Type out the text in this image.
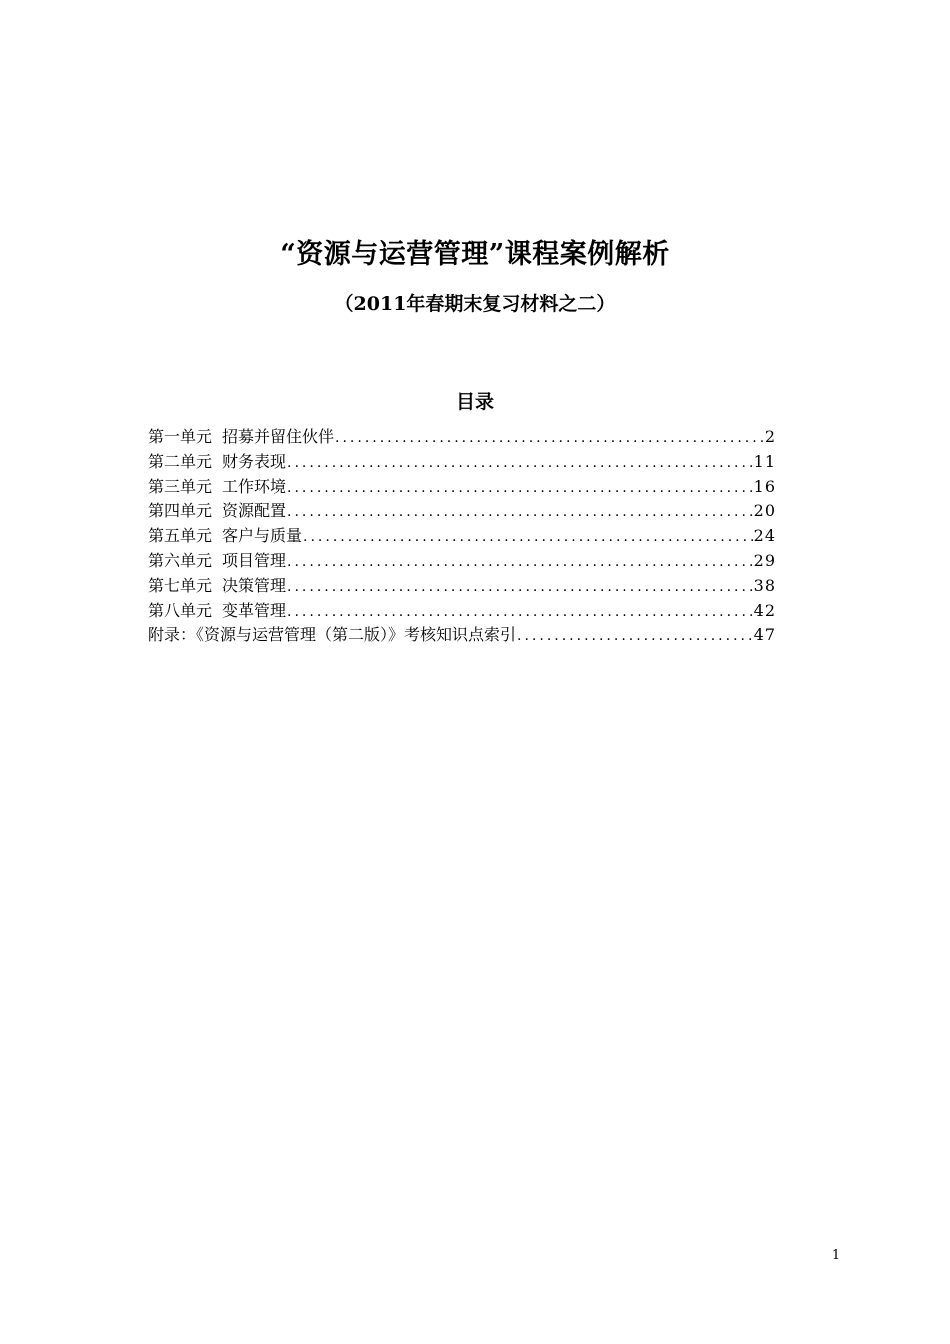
“资源与运营管理”课程案例解析
（2011年春期末复习材料之二）
目录
第一单元 招募并留住伙伴 .....	2
第二单元 财务表现 .....	11
第三单元 工作环境 .....	16
第四单元 资源配置 .....	20
第五单元 客户与质量 .....	24
第六单元 项目管理 .....	29
第七单元 决策管理 .....	38
第八单元 变革管理 .....	42
附录：《资源与运营管理（第二版）》考核知识点索引 .....	47
1
